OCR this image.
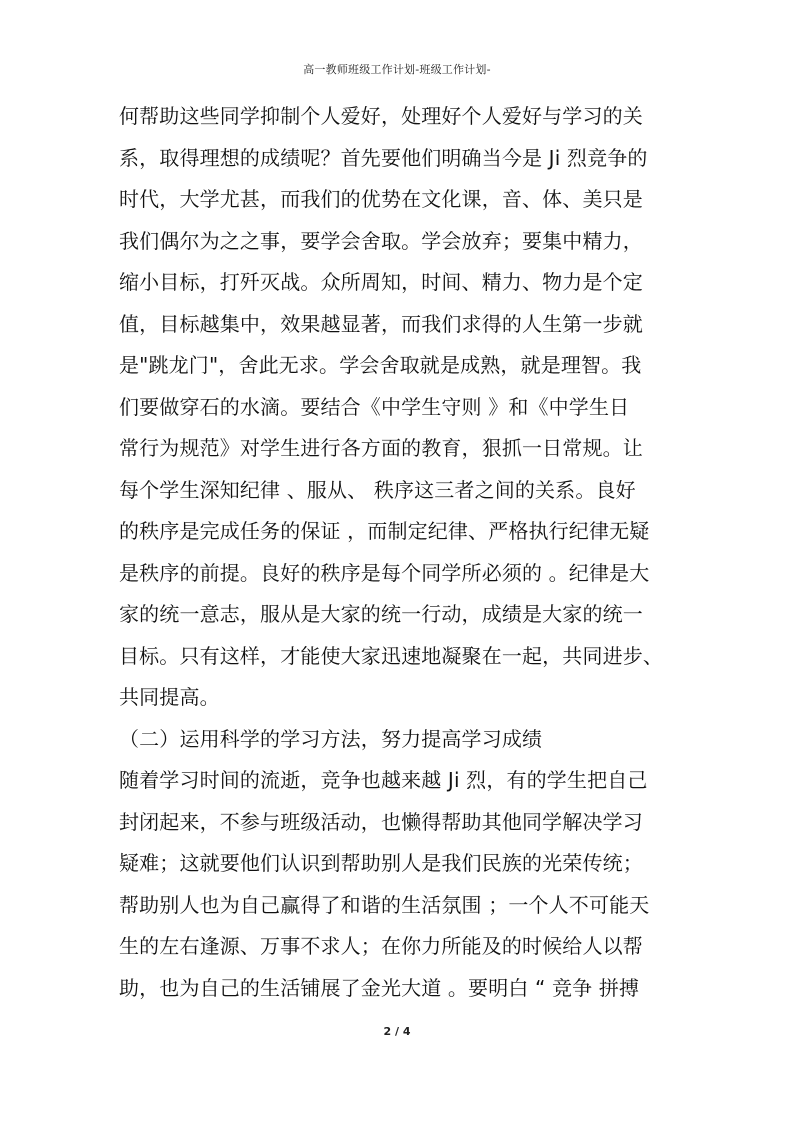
高一教师班级工作计划-班级工作计划-
何帮助这些同学抑制个人爱好，处理好个人爱好与学习的关
系，取得理想的成绩呢？首先要他们明确当今是 Ji 烈竞争的
时代，大学尤甚，而我们的优势在文化课，音、体、美只是
我们偶尔为之之事，要学会舍取。学会放弃；要集中精力，
缩小目标，打歼灭战。众所周知，时间、精力、物力是个定
值，目标越集中，效果越显著，而我们求得的人生第一步就
是"跳龙门"，舍此无求。学会舍取就是成熟，就是理智。我
们要做穿石的水滴。要结合《中学生守则 》和《中学生日
常行为规范》对学生进行各方面的教育，狠抓一日常规。让
每个学生深知纪律 、服从、 秩序这三者之间的关系。良好
的秩序是完成任务的保证 ，而制定纪律、严格执行纪律无疑
是秩序的前提。良好的秩序是每个同学所必须的 。纪律是大
家的统一意志，服从是大家的统一行动，成绩是大家的统一
目标。只有这样，才能使大家迅速地凝聚在一起，共同进步、
共同提高。
（二）运用科学的学习方法，努力提高学习成绩
随着学习时间的流逝，竞争也越来越 Ji 烈，有的学生把自己
封闭起来，不参与班级活动，也懒得帮助其他同学解决学习
疑难；这就要他们认识到帮助别人是我们民族的光荣传统；
帮助别人也为自己赢得了和谐的生活氛围 ；一个人不可能天
生的左右逢源、万事不求人；在你力所能及的时候给人以帮
助，也为自己的生活铺展了金光大道 。要明白 “ 竞争 拼搏
2 / 4
